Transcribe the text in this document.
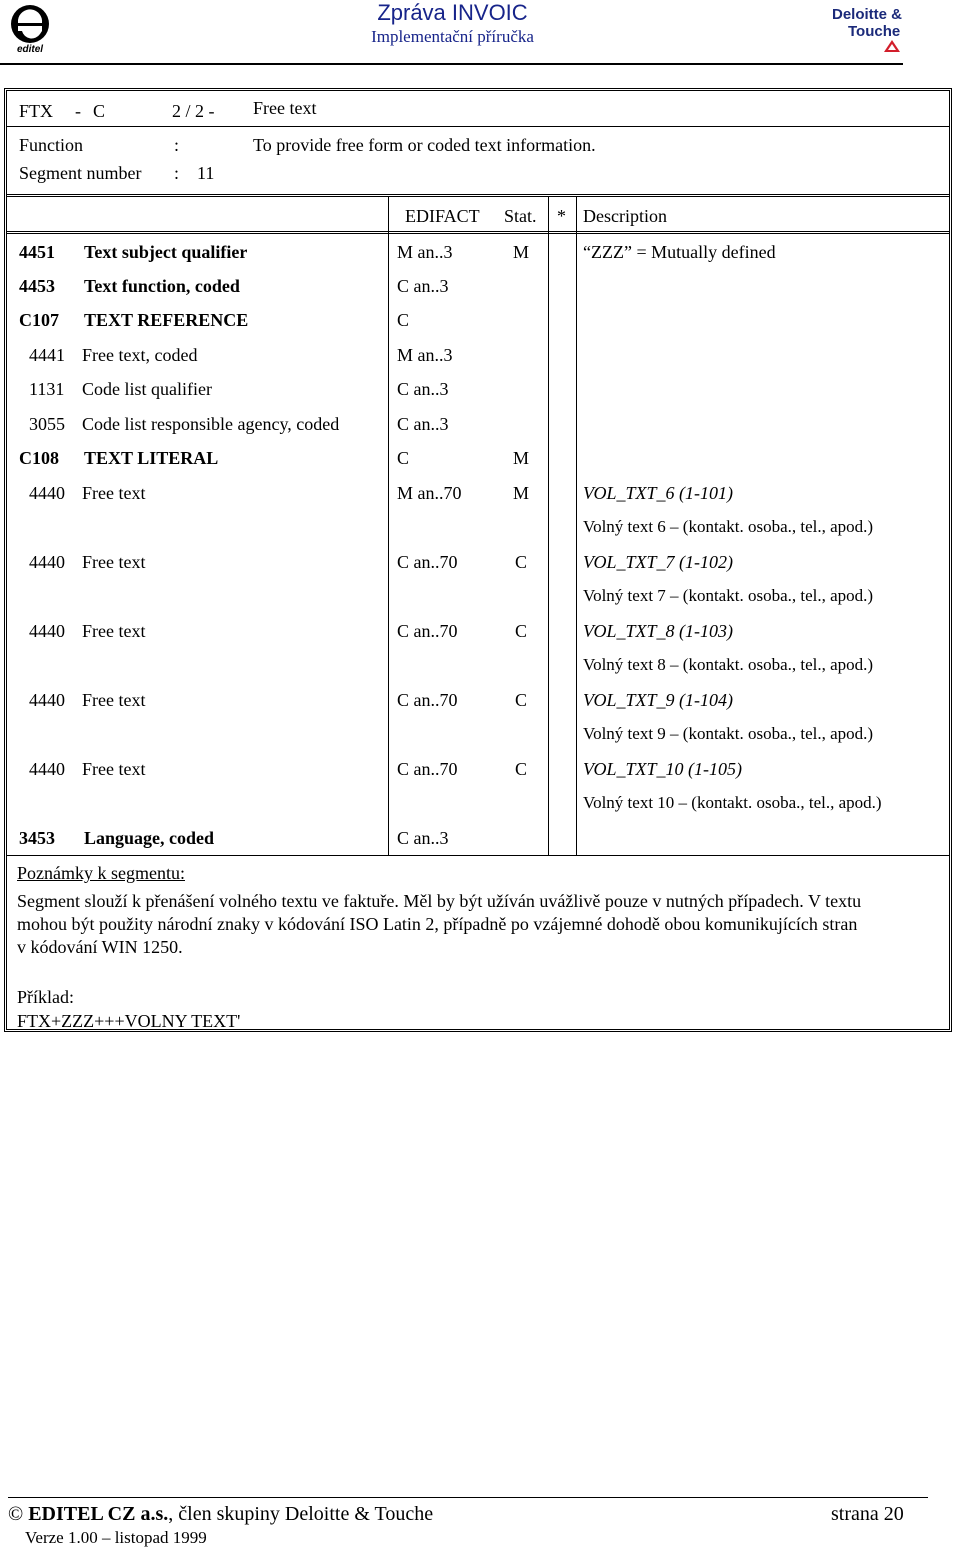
editel
Zpráva INVOIC
Implementační příručka
Deloitte &
Touche
FTX - C	2 / 2 - Free text
Function	:	To provide free form or coded text information.
Segment number : 11
EDIFACT Stat. * Description
4451 Text subject qualifier	M an..3	M	“ZZZ” = Mutually defined
4453 Text function, coded	C an..3
C107 TEXT REFERENCE	C
4441 Free text, coded	M an..3
1131 Code list qualifier	C an..3
3055 Code list responsible agency, coded	C an..3
C108 TEXT LITERAL	C	M
4440 Free text	M an..70	M	VOL_TXT_6 (1-101)
Volný text 6 – (kontakt. osoba., tel., apod.)
4440 Free text	C an..70	C	VOL_TXT_7 (1-102)
Volný text 7 – (kontakt. osoba., tel., apod.)
4440 Free text	C an..70	C	VOL_TXT_8 (1-103)
Volný text 8 – (kontakt. osoba., tel., apod.)
4440 Free text	C an..70	C	VOL_TXT_9 (1-104)
Volný text 9 – (kontakt. osoba., tel., apod.)
4440 Free text	C an..70	C	VOL_TXT_10 (1-105)
Volný text 10 – (kontakt. osoba., tel., apod.)
3453 Language, coded	C an..3
Poznámky k segmentu:
Segment slouží k přenášení volného textu ve faktuře. Měl by být užíván uvážlivě pouze v nutných případech. V textu
mohou být použity národní znaky v kódování ISO Latin 2, případně po vzájemné dohodě obou komunikujících stran
v kódování WIN 1250.
Příklad:
FTX+ZZZ+++VOLNY TEXT'
© EDITEL CZ a.s., člen skupiny Deloitte & Touche	strana 20
Verze 1.00 – listopad 1999
